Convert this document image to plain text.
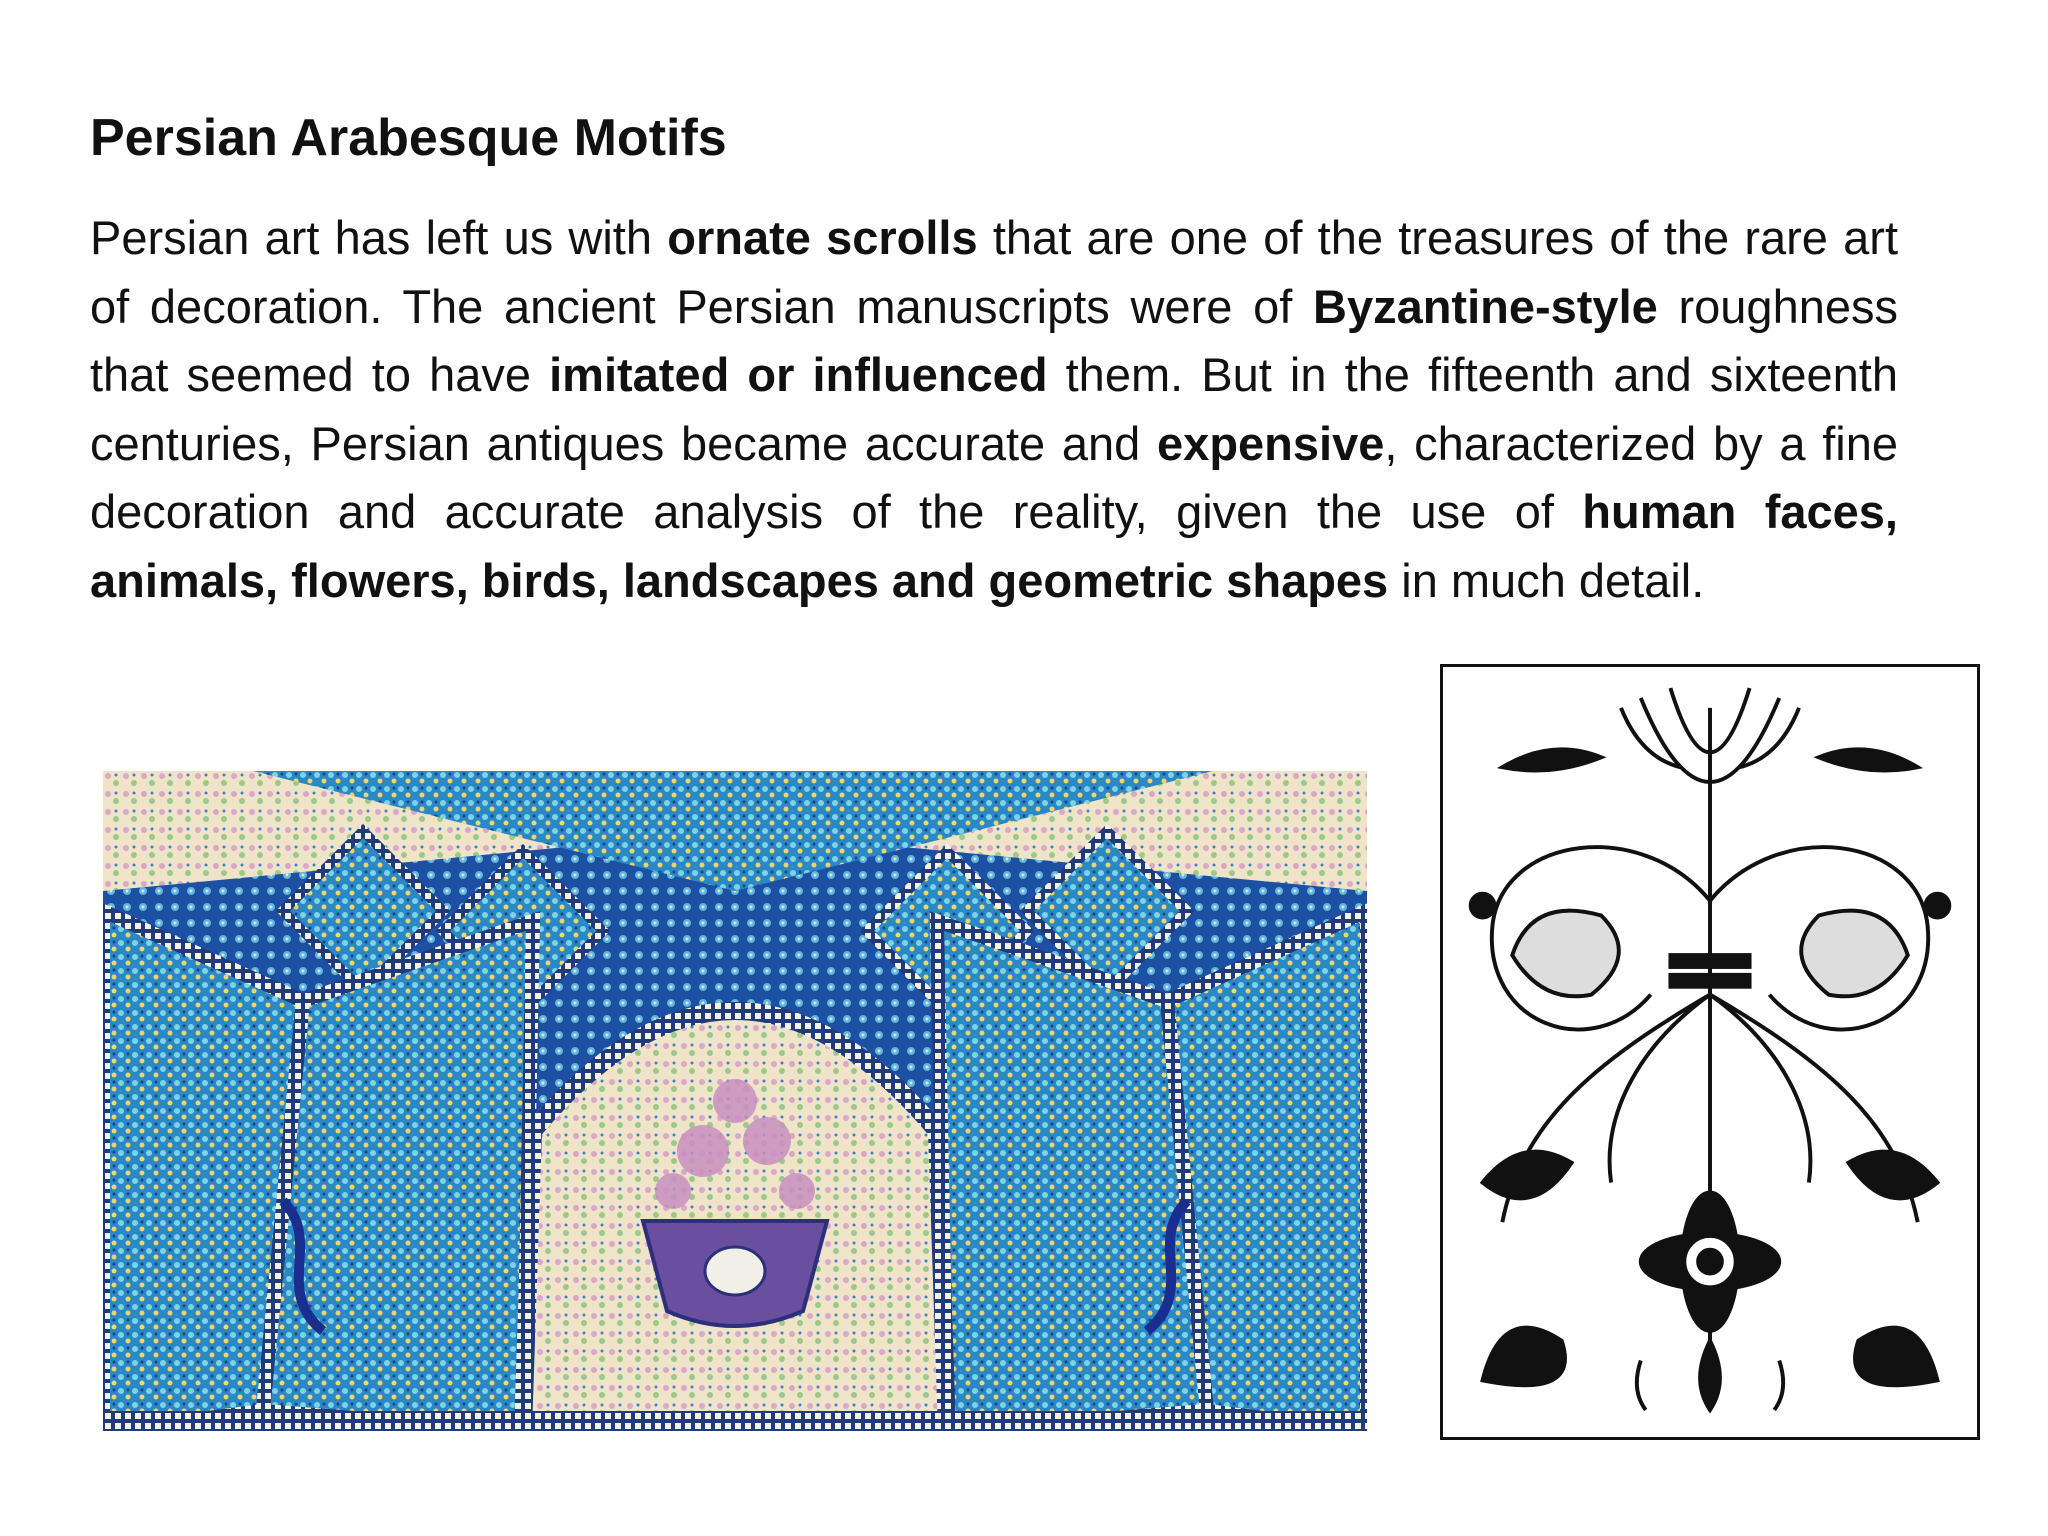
Persian Arabesque Motifs

Persian art has left us with ornate scrolls that are one of the treasures of the rare art of decoration. The ancient Persian manuscripts were of Byzantine-style roughness that seemed to have imitated or influenced them. But in the fifteenth and sixteenth centuries, Persian antiques became accurate and expensive, characterized by a fine decoration and accurate analysis of the reality, given the use of human faces, animals, flowers, birds, landscapes and geometric shapes in much detail.
